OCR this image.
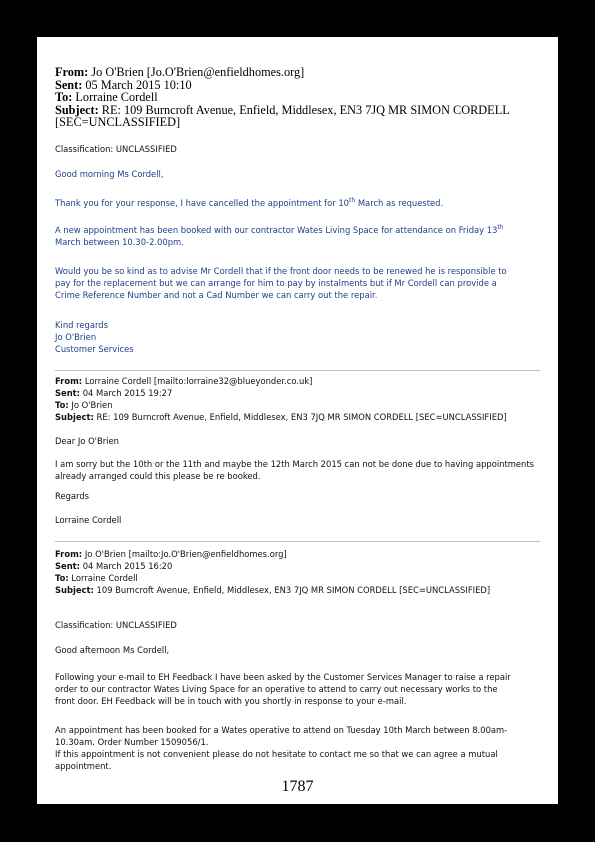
From: Jo O'Brien [Jo.O'Brien@enfieldhomes.org]

Sent: 05 March 2015 10:10

To: Lorraine Cordell

Subject: RE: 109 Burncroft Avenue, Enfield, Middlesex, EN3 7JQ MR SIMON CORDELL

[SEC=UNCLASSIFIED]

Classification: UNCLASSIFIED
Good morning Ms Cordell,
Thank you for your response, I have cancelled the appointment for 10th March as requested.

A new appointment has been booked with our contractor Wates Living Space for attendance on Friday 13th

March between 10.30-2.00pm.

Would you be so kind as to advise Mr Cordell that if the front door needs to be renewed he is responsible to

pay for the replacement but we can arrange for him to pay by instalments but if Mr Cordell can provide a

Crime Reference Number and not a Cad Number we can carry out the repair.

Kind regards

Jo O'Brien

Customer Services

From: Lorraine Cordell [mailto:lorraine32@blueyonder.co.uk]

Sent: 04 March 2015 19:27

To: Jo O'Brien

Subject: RE: 109 Burncroft Avenue, Enfield, Middlesex, EN3 7JQ MR SIMON CORDELL [SEC=UNCLASSIFIED]

Dear Jo O'Brien

I am sorry but the 10th or the 11th and maybe the 12th March 2015 can not be done due to having appointments

already arranged could this please be re booked.

Regards
Lorraine Cordell

From: Jo O'Brien [mailto:Jo.O'Brien@enfieldhomes.org]

Sent: 04 March 2015 16:20

To: Lorraine Cordell

Subject: 109 Burncroft Avenue, Enfield, Middlesex, EN3 7JQ MR SIMON CORDELL [SEC=UNCLASSIFIED]

Classification: UNCLASSIFIED
Good afternoon Ms Cordell,

Following your e-mail to EH Feedback I have been asked by the Customer Services Manager to raise a repair

order to our contractor Wates Living Space for an operative to attend to carry out necessary works to the

front door. EH Feedback will be in touch with you shortly in response to your e-mail.

An appointment has been booked for a Wates operative to attend on Tuesday 10th March between 8.00am-

10.30am. Order Number 1509056/1.

If this appointment is not convenient please do not hesitate to contact me so that we can agree a mutual

appointment.

1787
